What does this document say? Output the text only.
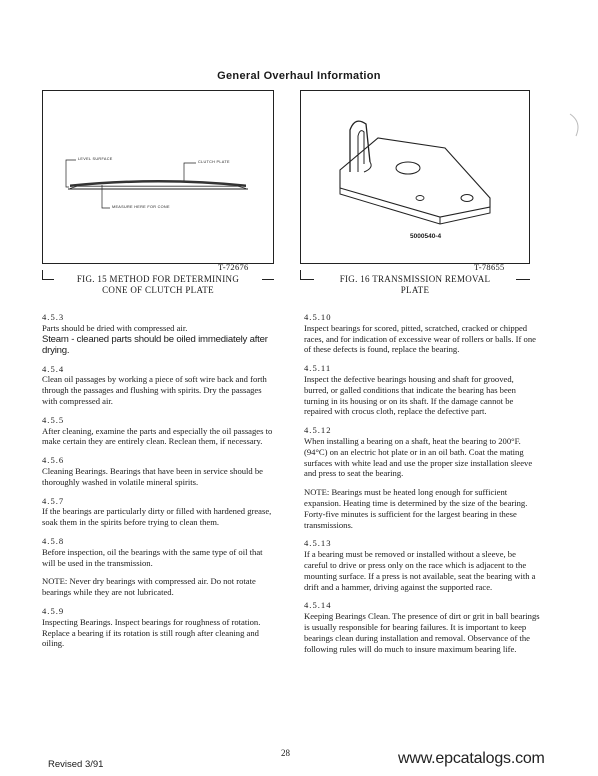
General Overhaul Information
LEVEL SURFACE
CLUTCH PLATE
MEASURE HERE FOR CONE
T-72676
FIG. 15 METHOD FOR DETERMINING
CONE OF CLUTCH PLATE
5000540-4
T-78655
FIG. 16 TRANSMISSION REMOVAL
PLATE

4.5.3

Parts should be dried with compressed air.

Steam - cleaned parts should be oiled immediately after drying.

4.5.4

Clean oil passages by working a piece of soft wire back and forth through the passages and flushing with spirits. Dry the passages with compressed air.

4.5.5

After cleaning, examine the parts and especially the oil passages to make certain they are entirely clean. Reclean them, if necessary.

4.5.6

Cleaning Bearings. Bearings that have been in service should be thoroughly washed in volatile mineral spirits.

4.5.7

If the bearings are particularly dirty or filled with hardened grease, soak them in the spirits before trying to clean them.

4.5.8

Before inspection, oil the bearings with the same type of oil that will be used in the transmission.

NOTE: Never dry bearings with compressed air. Do not rotate bearings while they are not lubricated.

4.5.9

Inspecting Bearings. Inspect bearings for roughness of rotation. Replace a bearing if its rotation is still rough after cleaning and oiling.

4.5.10

Inspect bearings for scored, pitted, scratched, cracked or chipped races, and for indication of excessive wear of rollers or balls. If one of these defects is found, replace the bearing.

4.5.11

Inspect the defective bearings housing and shaft for grooved, burred, or galled conditions that indicate the bearing has been turning in its housing or on its shaft. If the damage cannot be repaired with crocus cloth, replace the defective part.

4.5.12

When installing a bearing on a shaft, heat the bearing to 200°F. (94°C) on an electric hot plate or in an oil bath. Coat the mating surfaces with white lead and use the proper size installation sleeve and press to seat the bearing.

NOTE: Bearings must be heated long enough for sufficient expansion. Heating time is determined by the size of the bearing. Forty-five minutes is sufficient for the largest bearing in these transmissions.

4.5.13

If a bearing must be removed or installed without a sleeve, be careful to drive or press only on the race which is adjacent to the mounting surface. If a press is not available, seat the bearing with a drift and a hammer, driving against the supported race.

4.5.14

Keeping Bearings Clean. The presence of dirt or grit in ball bearings is usually responsible for bearing failures. It is important to keep bearings clean during installation and removal. Observance of the following rules will do much to insure maximum bearing life.

28
Revised 3/91	www.epcatalogs.com
